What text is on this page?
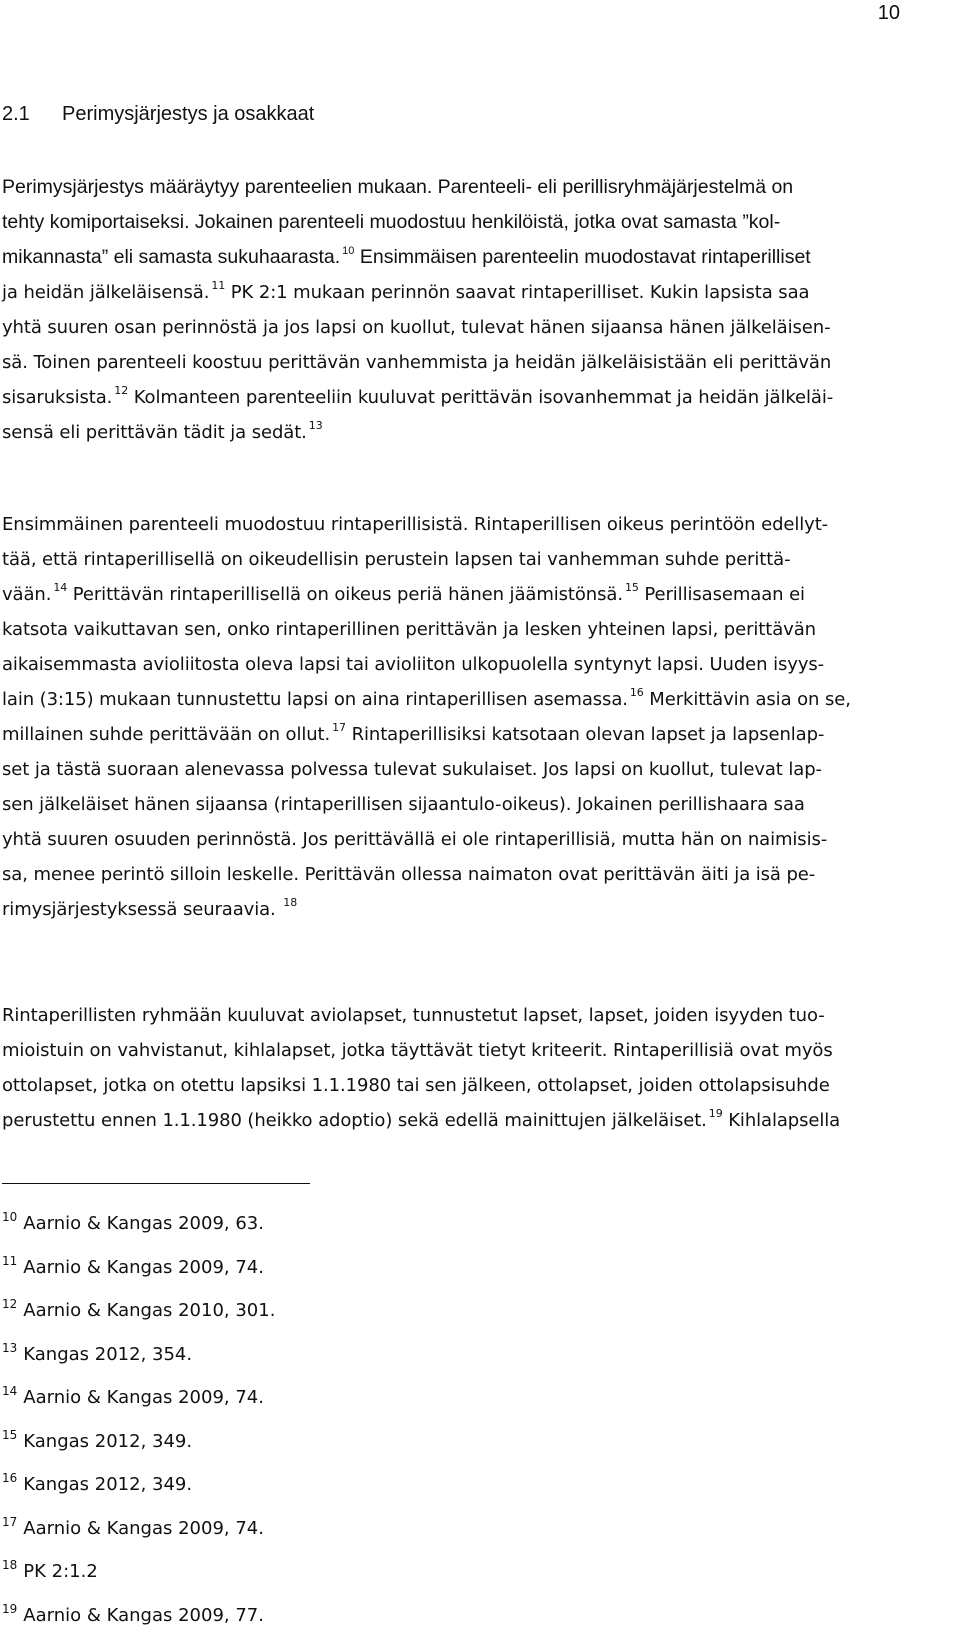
10
2.1 Perimysjärjestys ja osakkaat
Perimysjärjestys määräytyy parenteelien mukaan. Parenteeli- eli perillisryhmäjärjestelmä on
tehty komiportaiseksi. Jokainen parenteeli muodostuu henkilöistä, jotka ovat samasta ”kol-
mikannasta” eli samasta sukuhaarasta. $^{10}$ Ensimmäisen parenteelin muodostavat rintaperilliset
ja heidän jälkeläisensä. $^{11}$ PK 2:1 mukaan perinnön saavat rintaperilliset. Kukin lapsista saa
yhtä suuren osan perinnöstä ja jos lapsi on kuollut, tulevat hänen sijaansa hänen jälkeläisen-
sä. Toinen parenteeli koostuu perittävän vanhemmista ja heidän jälkeläisistään eli perittävän
sisaruksista. $^{12}$ Kolmanteen parenteeliin kuuluvat perittävän isovanhemmat ja heidän jälkeläi-
sensä eli perittävän tädit ja sedät. $^{13}$
Ensimmäinen parenteeli muodostuu rintaperillisistä. Rintaperillisen oikeus perintöön edellyt-
tää, että rintaperillisellä on oikeudellisin perustein lapsen tai vanhemman suhde perittä-
vään. $^{14}$ Perittävän rintaperillisellä on oikeus periä hänen jäämistönsä. $^{15}$ Perillisasemaan ei
katsota vaikuttavan sen, onko rintaperillinen perittävän ja lesken yhteinen lapsi, perittävän
aikaisemmasta avioliitosta oleva lapsi tai avioliiton ulkopuolella syntynyt lapsi. Uuden isyys-
lain (3:15) mukaan tunnustettu lapsi on aina rintaperillisen asemassa. $^{16}$ Merkittävin asia on se,
millainen suhde perittävään on ollut. $^{17}$ Rintaperillisiksi katsotaan olevan lapset ja lapsenlap-
set ja tästä suoraan alenevassa polvessa tulevat sukulaiset. Jos lapsi on kuollut, tulevat lap-
sen jälkeläiset hänen sijaansa (rintaperillisen sijaantulo-oikeus). Jokainen perillishaara saa
yhtä suuren osuuden perinnöstä. Jos perittävällä ei ole rintaperillisiä, mutta hän on naimisis-
sa, menee perintö silloin leskelle. Perittävän ollessa naimaton ovat perittävän äiti ja isä pe-
rimysjärjestyksessä seuraavia. $^{18}$
Rintaperillisten ryhmään kuuluvat aviolapset, tunnustetut lapset, lapset, joiden isyyden tuo-
mioistuin on vahvistanut, kihlalapset, jotka täyttävät tietyt kriteerit. Rintaperillisiä ovat myös
ottolapset, jotka on otettu lapsiksi 1.1.1980 tai sen jälkeen, ottolapset, joiden ottolapsisuhde
perustettu ennen 1.1.1980 (heikko adoptio) sekä edellä mainittujen jälkeläiset. $^{19}$ Kihlalapsella
$^{10}$ Aarnio & Kangas 2009, 63.
$^{11}$ Aarnio & Kangas 2009, 74.
$^{12}$ Aarnio & Kangas 2010, 301.
$^{13}$ Kangas 2012, 354.
$^{14}$ Aarnio & Kangas 2009, 74.
$^{15}$ Kangas 2012, 349.
$^{16}$ Kangas 2012, 349.
$^{17}$ Aarnio & Kangas 2009, 74.
$^{18}$ PK 2:1.2
$^{19}$ Aarnio & Kangas 2009, 77.
